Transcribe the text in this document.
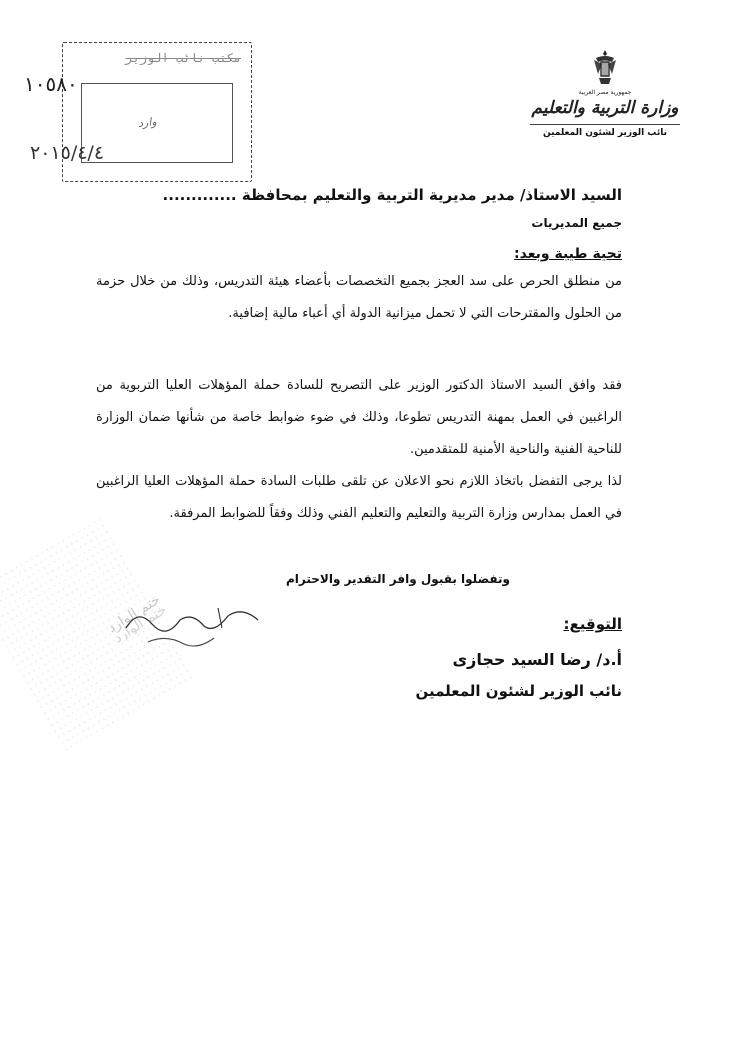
ختم الوارد
مكتب نائب الوزير
١٠٥٨٠
٢٠١٥/٤/٤
وارد
جمهورية مصر العربية
وزارة التربية والتعليم
نائب الوزير لشئون المعلمين
السيد الاستاذ/ مدير مديرية التربية والتعليم بمحافظة .............
جميع المديريات
تحية طيبة وبعد:
من منطلق الحرص على سد العجز بجميع التخصصات بأعضاء هيئة التدريس، وذلك من خلال حزمة من الحلول والمقترحات التي لا تحمل ميزانية الدولة أي أعباء مالية إضافية.
فقد وافق السيد الاستاذ الدكتور الوزير على التصريح للسادة حملة المؤهلات العليا التربوية من الراغبين في العمل بمهنة التدريس تطوعا، وذلك في ضوء ضوابط خاصة من شأنها ضمان الوزارة للناحية الفنية والناحية الأمنية للمتقدمين.
لذا يرجى التفضل باتخاذ اللازم نحو الاعلان عن تلقى طلبات السادة حملة المؤهلات العليا الراغبين في العمل بمدارس وزارة التربية والتعليم والتعليم الفني وذلك وفقاً للضوابط المرفقة.
وتفضلوا بقبول وافر التقدير والاحترام
التوقيع:
أ.د/ رضا السيد حجازى
نائب الوزير لشئون المعلمين
